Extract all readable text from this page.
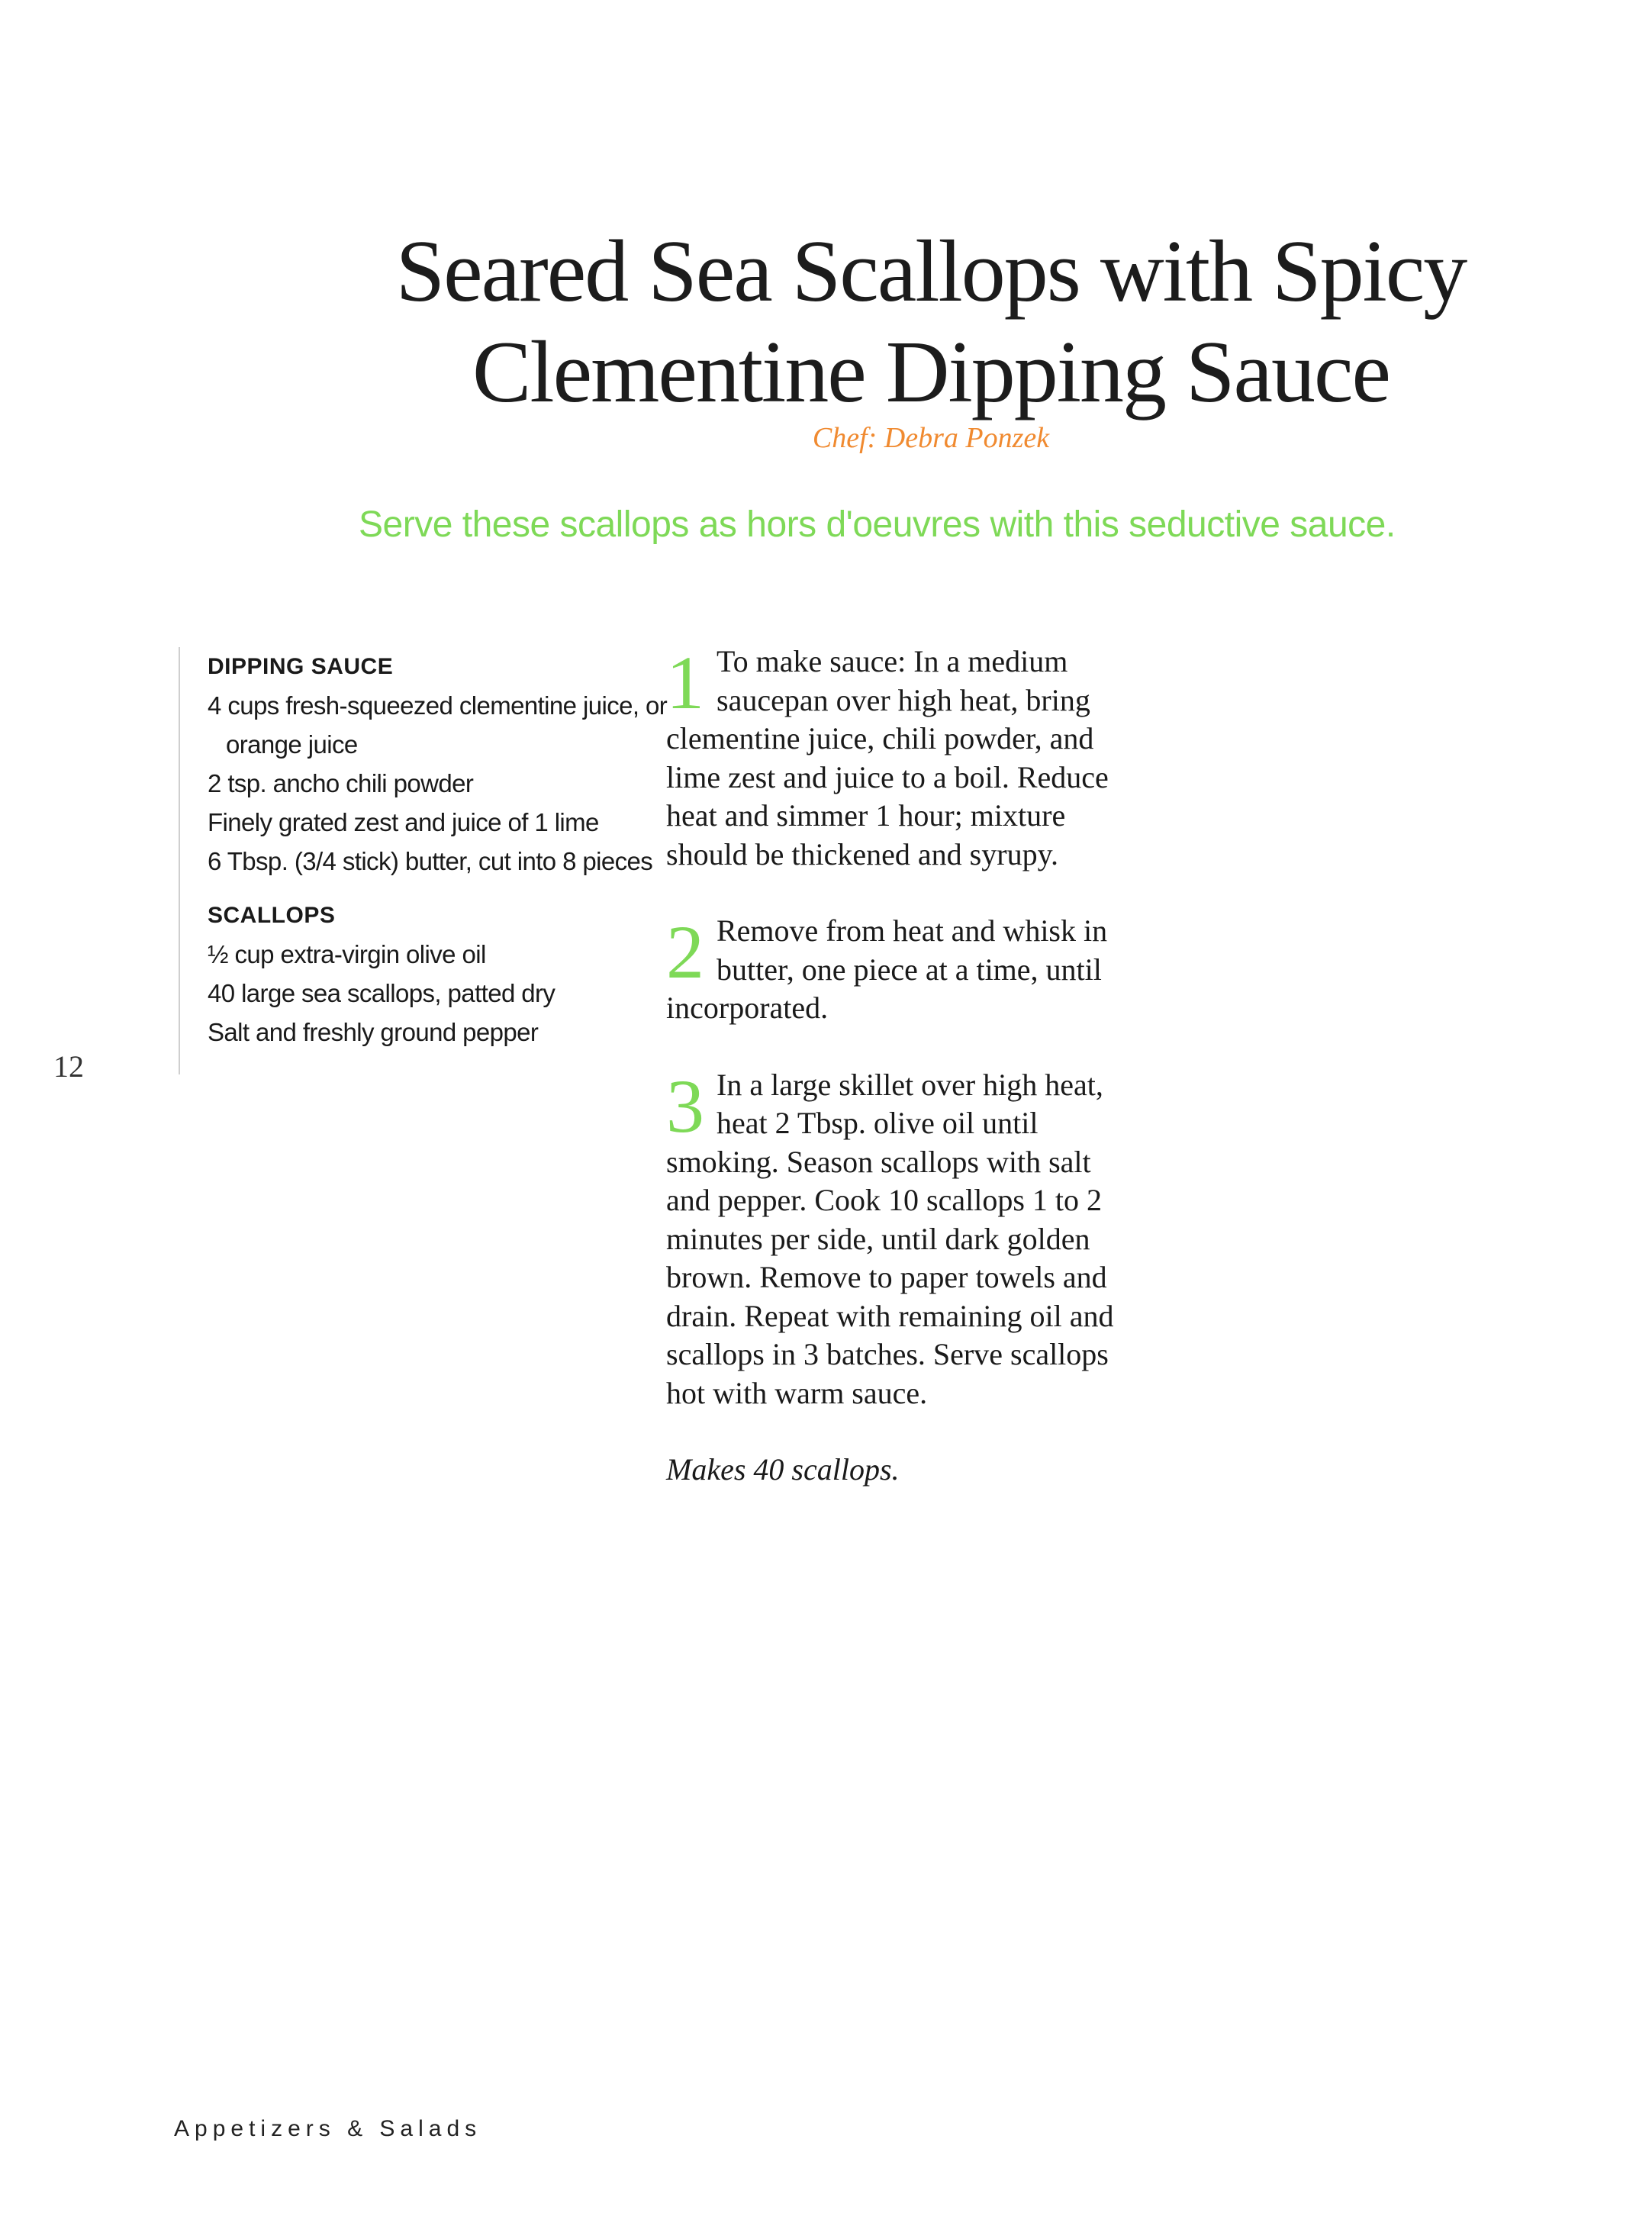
Seared Sea Scallops with Spicy
Clementine Dipping Sauce
Chef: Debra Ponzek
Serve these scallops as hors d'oeuvres with this seductive sauce.

DIPPING SAUCE

4 cups fresh-squeezed clementine juice, or orange juice
2 tsp. ancho chili powder
Finely grated zest and juice of 1 lime
6 Tbsp. (3/4 stick) butter, cut into 8 pieces

SCALLOPS

½ cup extra-virgin olive oil
40 large sea scallops, patted dry
Salt and freshly ground pepper
12
1 To make sauce: In a medium saucepan over high heat, bring clementine juice, chili powder, and lime zest and juice to a boil. Reduce heat and simmer 1 hour; mixture should be thickened and syrupy.
2 Remove from heat and whisk in butter, one piece at a time, until incorporated.
3 In a large skillet over high heat, heat 2 Tbsp. olive oil until smoking. Season scallops with salt and pepper. Cook 10 scallops 1 to 2 minutes per side, until dark golden brown. Remove to paper towels and drain. Repeat with remaining oil and scallops in 3 batches. Serve scallops hot with warm sauce.

Makes 40 scallops.

Appetizers & Salads
